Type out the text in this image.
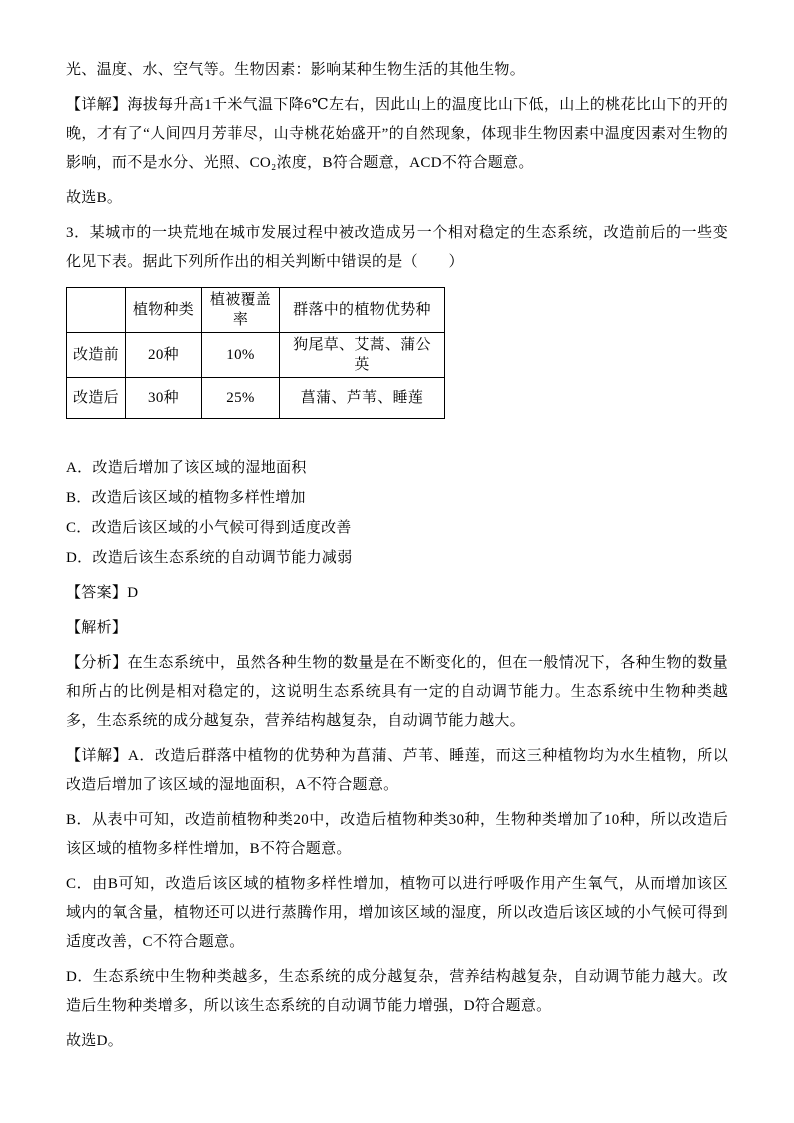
光、温度、水、空气等。生物因素：影响某种生物生活的其他生物。

【详解】海拔每升高1千米气温下降6℃左右，因此山上的温度比山下低，山上的桃花比山下的开的晚，才有了“人间四月芳菲尽，山寺桃花始盛开”的自然现象，体现非生物因素中温度因素对生物的影响，而不是水分、光照、CO₂浓度，B符合题意，ACD不符合题意。

故选B。

3．某城市的一块荒地在城市发展过程中被改造成另一个相对稳定的生态系统，改造前后的一些变化见下表。据此下列所作出的相关判断中错误的是（　　）

	植物种类	植被覆盖率	群落中的植物优势种
改造前	20种	10%	狗尾草、艾蒿、蒲公英
改造后	30种	25%	菖蒲、芦苇、睡莲

A．改造后增加了该区域的湿地面积

B．改造后该区域的植物多样性增加

C．改造后该区域的小气候可得到适度改善

D．改造后该生态系统的自动调节能力减弱

【答案】D

【解析】

【分析】在生态系统中，虽然各种生物的数量是在不断变化的，但在一般情况下，各种生物的数量和所占的比例是相对稳定的，这说明生态系统具有一定的自动调节能力。生态系统中生物种类越多，生态系统的成分越复杂，营养结构越复杂，自动调节能力越大。

【详解】A．改造后群落中植物的优势种为菖蒲、芦苇、睡莲，而这三种植物均为水生植物，所以改造后增加了该区域的湿地面积，A不符合题意。

B．从表中可知，改造前植物种类20中，改造后植物种类30种，生物种类增加了10种，所以改造后该区域的植物多样性增加，B不符合题意。

C．由B可知，改造后该区域的植物多样性增加，植物可以进行呼吸作用产生氧气，从而增加该区域内的氧含量，植物还可以进行蒸腾作用，增加该区域的湿度，所以改造后该区域的小气候可得到适度改善，C不符合题意。

D．生态系统中生物种类越多，生态系统的成分越复杂，营养结构越复杂，自动调节能力越大。改造后生物种类增多，所以该生态系统的自动调节能力增强，D符合题意。

故选D。
